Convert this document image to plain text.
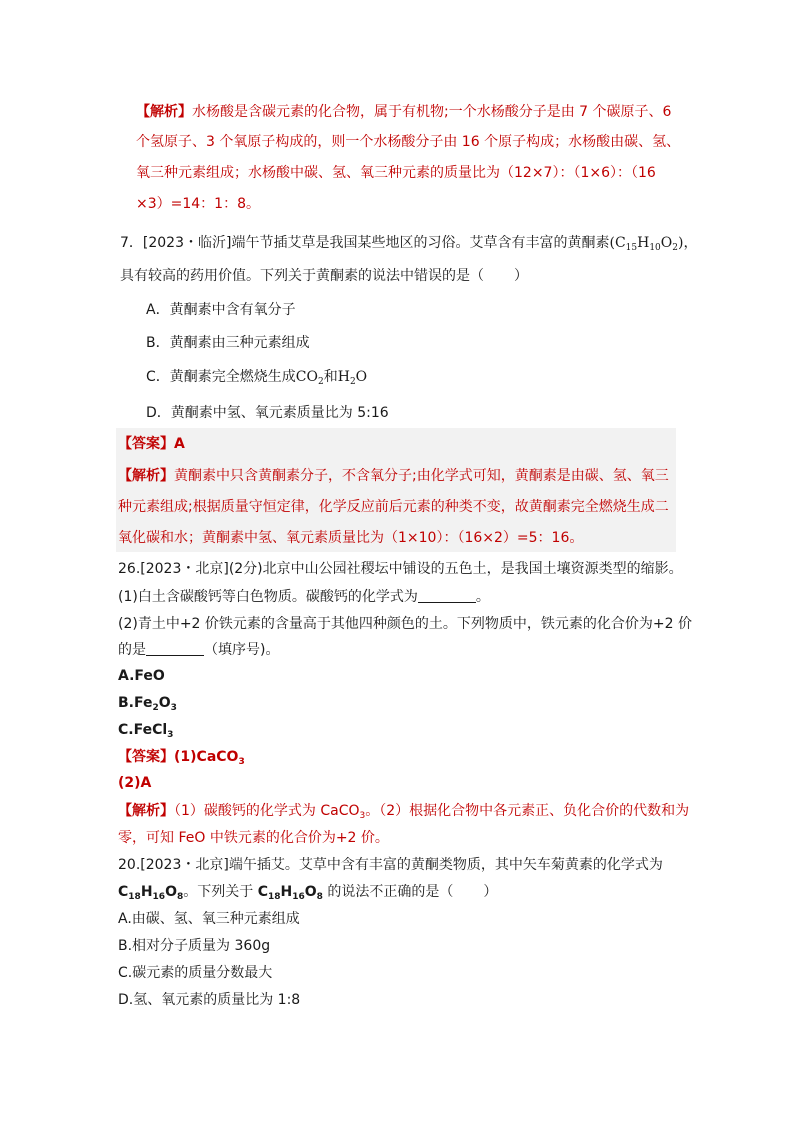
【解析】水杨酸是含碳元素的化合物，属于有机物;一个水杨酸分子是由 7 个碳原子、6
个氢原子、3 个氧原子构成的，则一个水杨酸分子由 16 个原子构成；水杨酸由碳、氢、
氧三种元素组成；水杨酸中碳、氢、氧三种元素的质量比为（12×7）：（1×6）：（16
×3）=14：1：8。
7．[2023・临沂]端午节插艾草是我国某些地区的习俗。艾草含有丰富的黄酮素$(C_{15}H_{10}O_2)$，
具有较高的药用价值。下列关于黄酮素的说法中错误的是（ ）
A．黄酮素中含有氧分子
B．黄酮素由三种元素组成
C．黄酮素完全燃烧生成$CO_2$和$H_2O$
D．黄酮素中氢、氧元素质量比为 5:16
【答案】A
【解析】黄酮素中只含黄酮素分子，不含氧分子;由化学式可知，黄酮素是由碳、氢、氧三
种元素组成;根据质量守恒定律，化学反应前后元素的种类不变，故黄酮素完全燃烧生成二
氧化碳和水；黄酮素中氢、氧元素质量比为（1×10）：（16×2）=5：16。
26.[2023・北京](2分)北京中山公园社稷坛中铺设的五色土，是我国土壤资源类型的缩影。
(1)白土含碳酸钙等白色物质。碳酸钙的化学式为	。
(2)青土中+2 价铁元素的含量高于其他四种颜色的土。下列物质中，铁元素的化合价为+2 价
的是	（填序号)。
A.FeO
$B.Fe_2O_3$
C.FeCl$_3$
【答案】(1)CaCO$_3$
(2)A
【解析】（1）碳酸钙的化学式为 CaCO$_3$。（2）根据化合物中各元素正、负化合价的代数和为
零，可知 FeO 中铁元素的化合价为+2 价。
20.[2023・北京]端午插艾。艾草中含有丰富的黄酮类物质，其中矢车菊黄素的化学式为
$C_{18}H_{16}O_8$。下列关于 $C_{18}H_{16}O_8$ 的说法不正确的是（ ）
A.由碳、氢、氧三种元素组成
B.相对分子质量为 360g
C.碳元素的质量分数最大
D.氢、氧元素的质量比为 1:8
